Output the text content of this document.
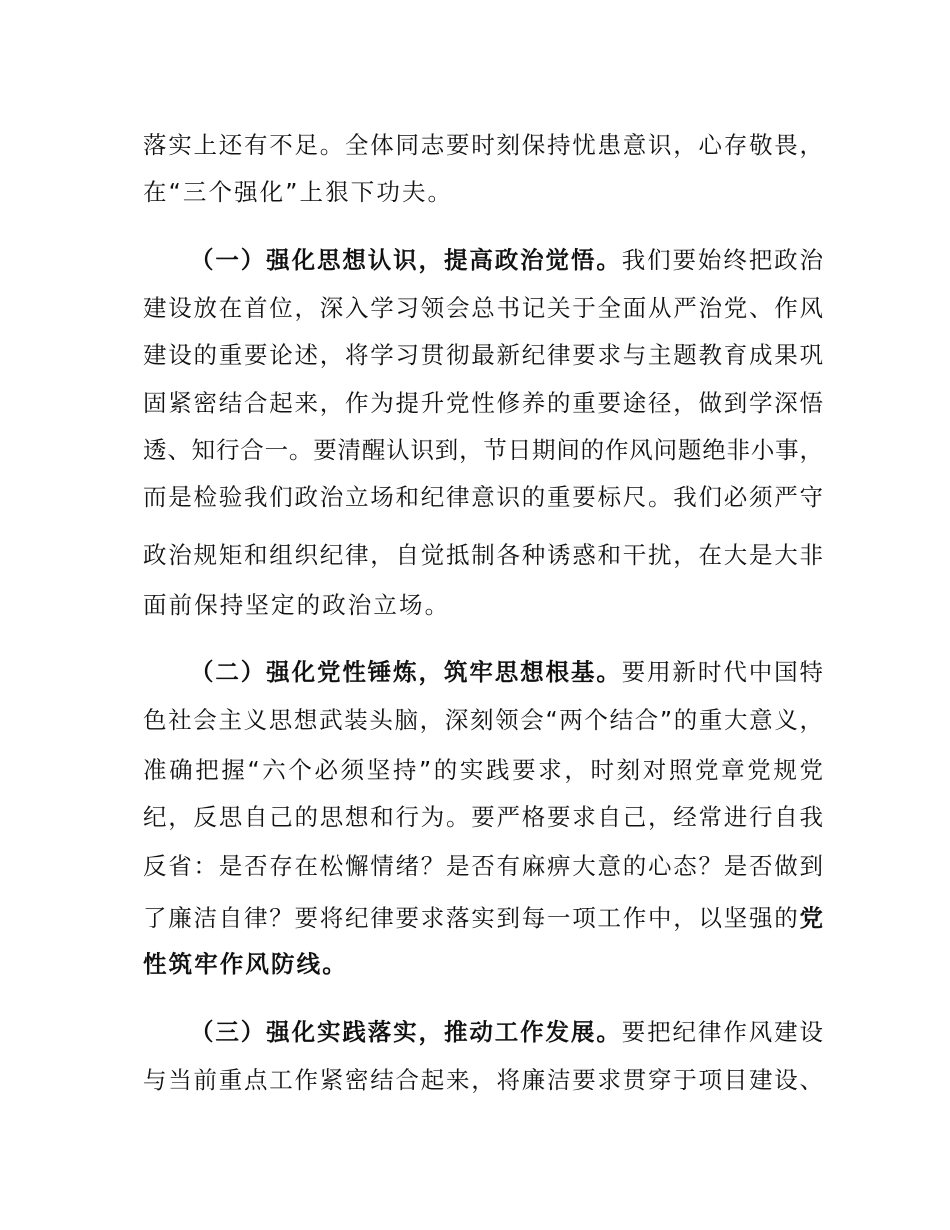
落实上还有不足。全体同志要时刻保持忧患意识，心存敬畏，
在“三个强化”上狠下功夫。
（一）强化思想认识，提高政治觉悟。我们要始终把政治
建设放在首位，深入学习领会总书记关于全面从严治党、作风
建设的重要论述，将学习贯彻最新纪律要求与主题教育成果巩
固紧密结合起来，作为提升党性修养的重要途径，做到学深悟
透、知行合一。要清醒认识到，节日期间的作风问题绝非小事，
而是检验我们政治立场和纪律意识的重要标尺。我们必须严守
政治规矩和组织纪律，自觉抵制各种诱惑和干扰，在大是大非
面前保持坚定的政治立场。
（二）强化党性锤炼，筑牢思想根基。要用新时代中国特
色社会主义思想武装头脑，深刻领会“两个结合”的重大意义，
准确把握“六个必须坚持”的实践要求，时刻对照党章党规党
纪，反思自己的思想和行为。要严格要求自己，经常进行自我
反省：是否存在松懈情绪？是否有麻痹大意的心态？是否做到
了廉洁自律？要将纪律要求落实到每一项工作中，以坚强的党
性筑牢作风防线。
（三）强化实践落实，推动工作发展。要把纪律作风建设
与当前重点工作紧密结合起来，将廉洁要求贯穿于项目建设、
